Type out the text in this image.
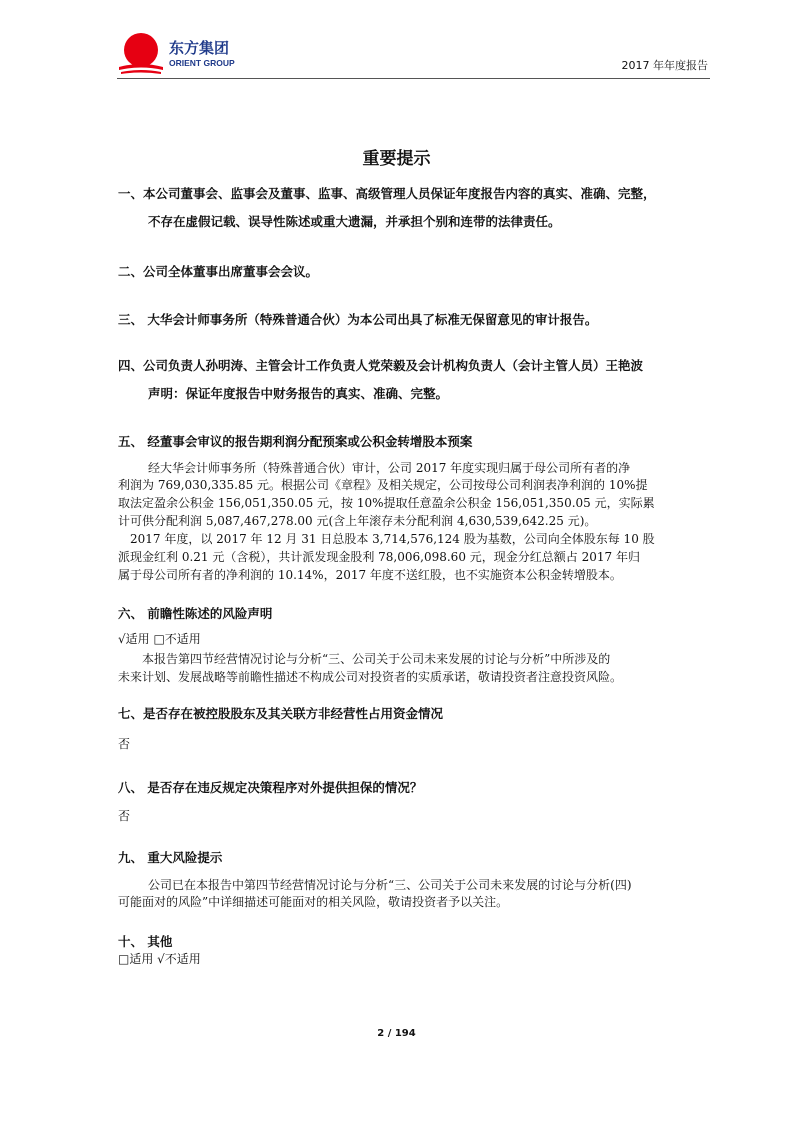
东方集团
ORIENT GROUP	2017 年年度报告
重要提示
一、本公司董事会、监事会及董事、监事、高级管理人员保证年度报告内容的真实、准确、完整，
不存在虚假记载、误导性陈述或重大遗漏，并承担个别和连带的法律责任。
二、公司全体董事出席董事会会议。
三、 大华会计师事务所（特殊普通合伙）为本公司出具了标准无保留意见的审计报告。
四、公司负责人孙明涛、主管会计工作负责人党荣毅及会计机构负责人（会计主管人员）王艳波
声明：保证年度报告中财务报告的真实、准确、完整。
五、 经董事会审议的报告期利润分配预案或公积金转增股本预案
经大华会计师事务所（特殊普通合伙）审计，公司 2017 年度实现归属于母公司所有者的净
利润为 769,030,335.85 元。根据公司《章程》及相关规定，公司按母公司利润表净利润的 10%提
取法定盈余公积金 156,051,350.05 元，按 10%提取任意盈余公积金 156,051,350.05 元，实际累
计可供分配利润 5,087,467,278.00 元(含上年滚存未分配利润 4,630,539,642.25 元)。
2017 年度，以 2017 年 12 月 31 日总股本 3,714,576,124 股为基数，公司向全体股东每 10 股
派现金红利 0.21 元（含税），共计派发现金股利 78,006,098.60 元，现金分红总额占 2017 年归
属于母公司所有者的净利润的 10.14%，2017 年度不送红股，也不实施资本公积金转增股本。
六、 前瞻性陈述的风险声明
√适用 □不适用
本报告第四节经营情况讨论与分析“三、公司关于公司未来发展的讨论与分析”中所涉及的
未来计划、发展战略等前瞻性描述不构成公司对投资者的实质承诺，敬请投资者注意投资风险。
七、是否存在被控股股东及其关联方非经营性占用资金情况
否
八、 是否存在违反规定决策程序对外提供担保的情况？
否
九、 重大风险提示
公司已在本报告中第四节经营情况讨论与分析“三、公司关于公司未来发展的讨论与分析(四)
可能面对的风险”中详细描述可能面对的相关风险，敬请投资者予以关注。
十、 其他
□适用 √不适用
2 / 194
